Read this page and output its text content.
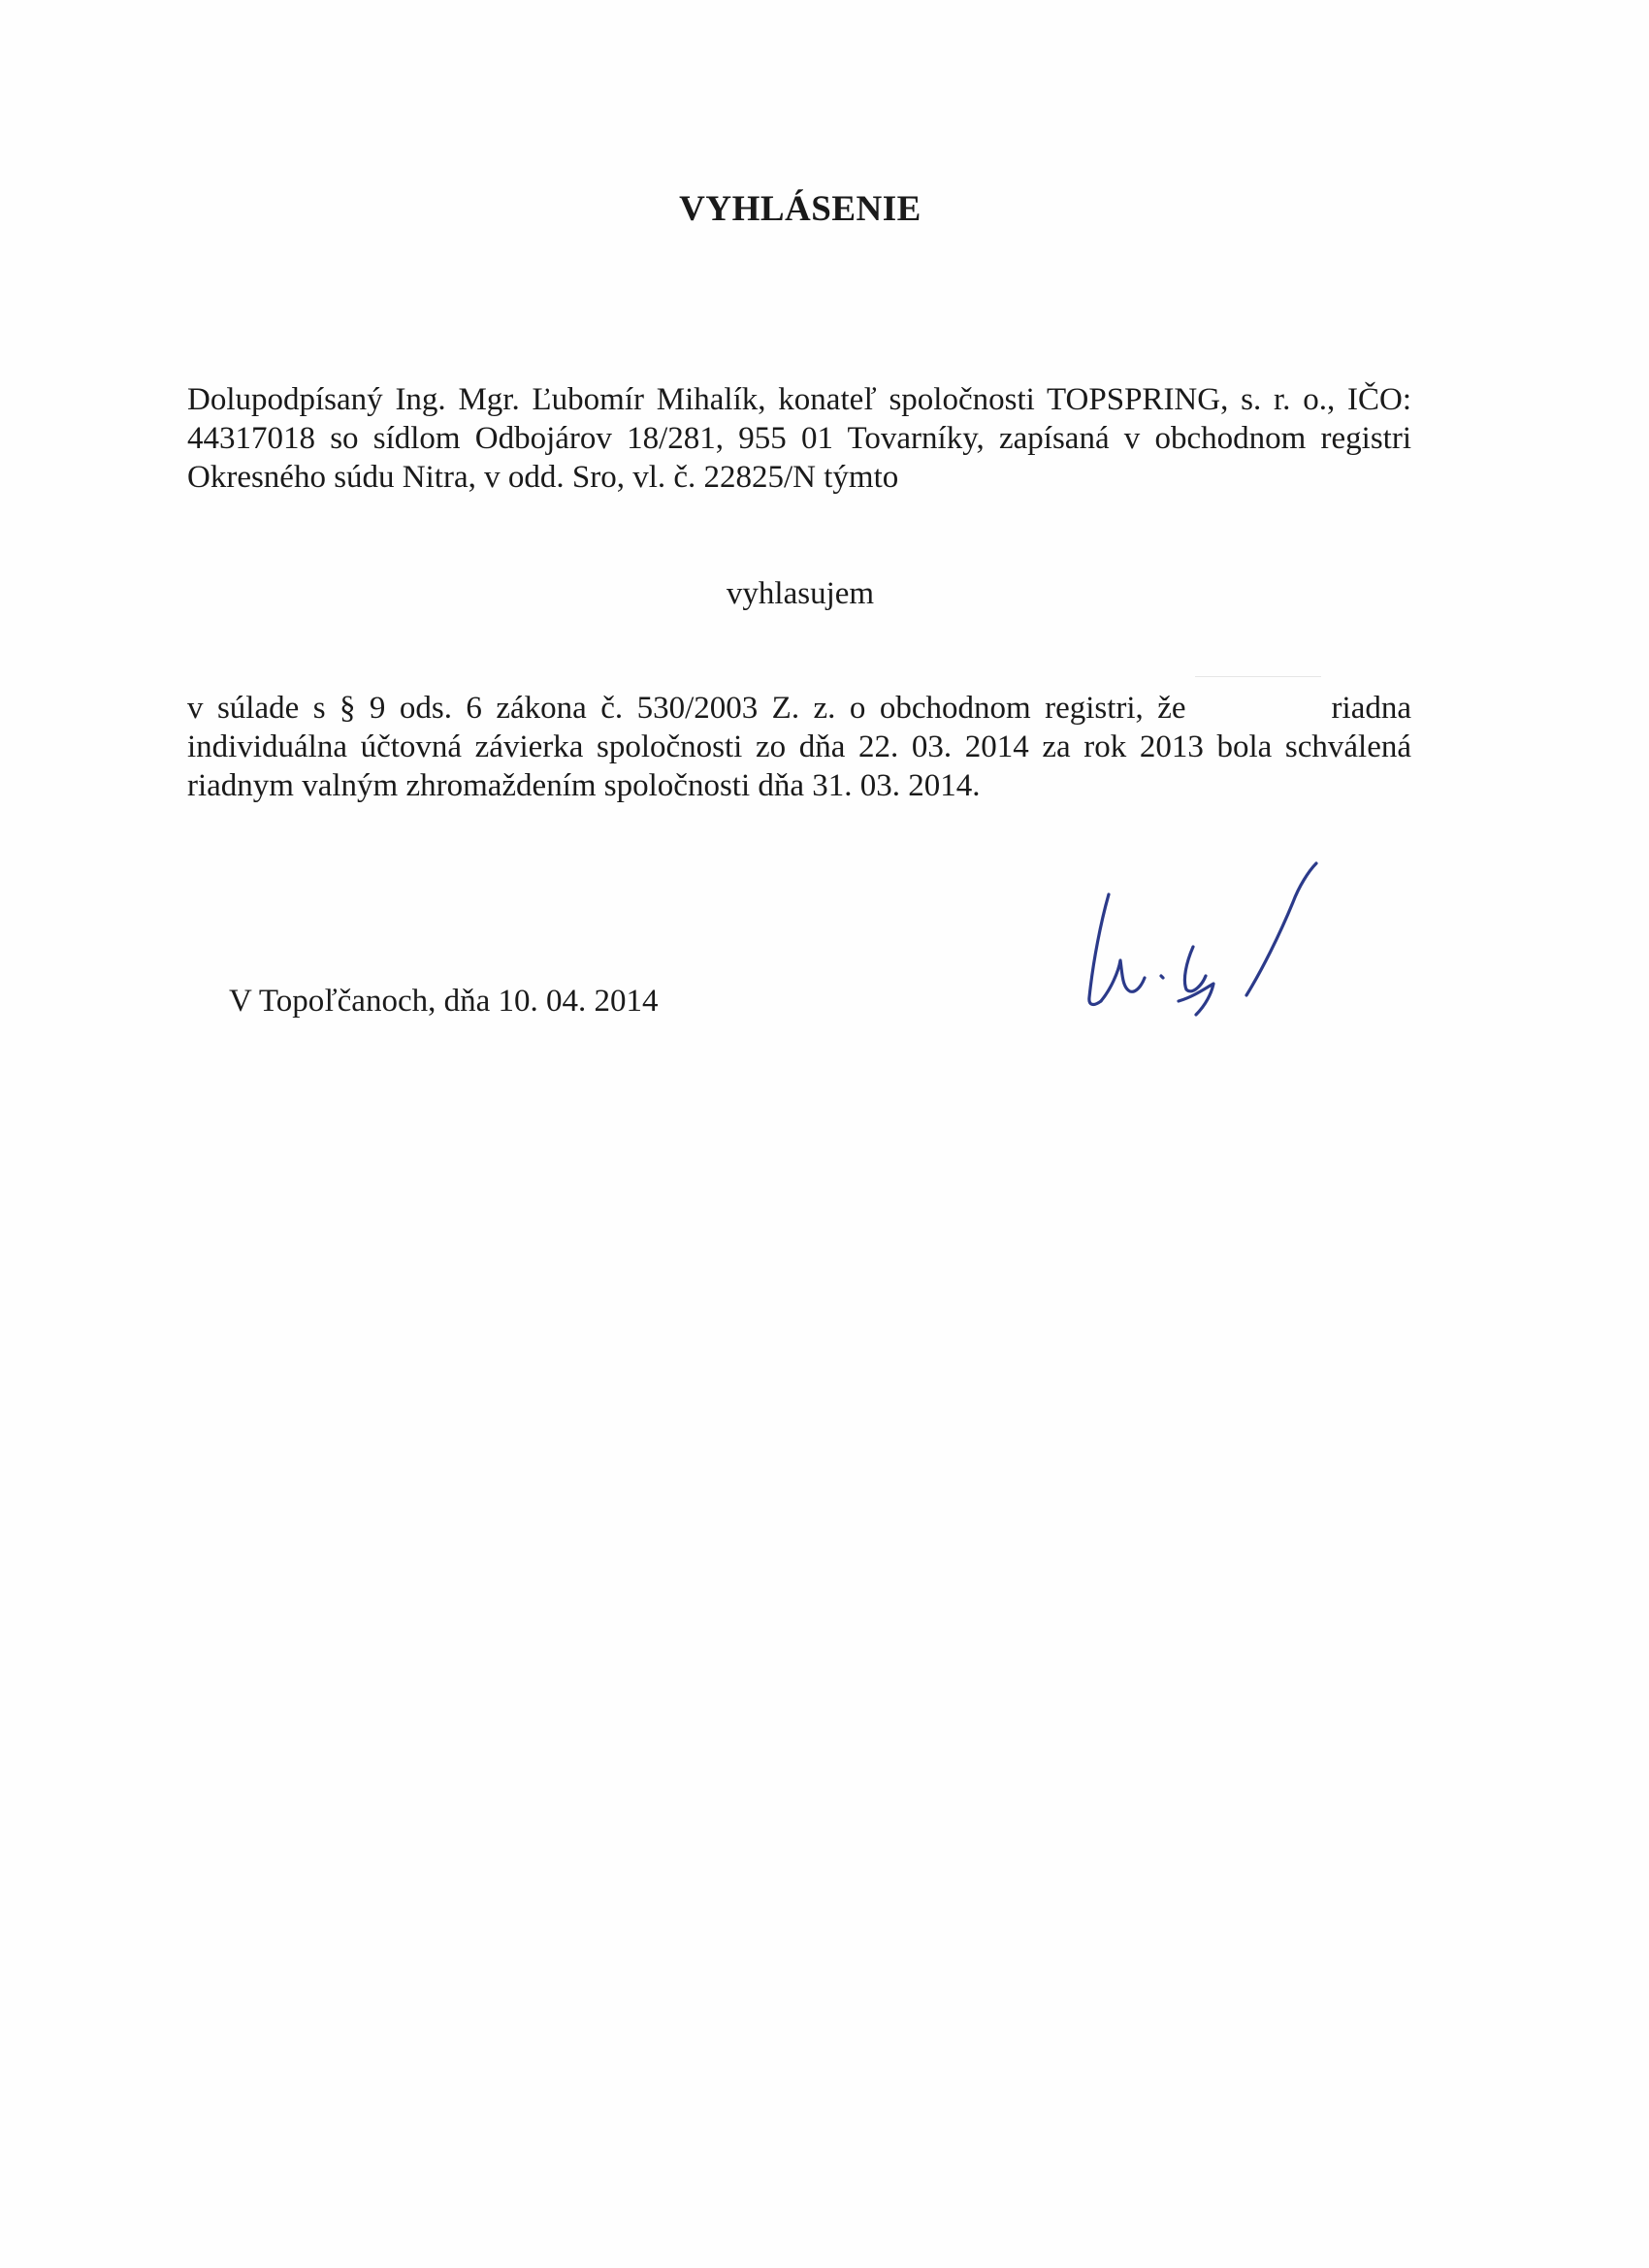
VYHLÁSENIE

Dolupodpísaný Ing. Mgr. Ľubomír Mihalík, konateľ spoločnosti TOPSPRING, s. r. o., IČO:
44317018 so sídlom Odbojárov 18/281, 955 01 Tovarníky, zapísaná v obchodnom registri
Okresného súdu Nitra, v odd. Sro, vl. č. 22825/N týmto

vyhlasujem

v súlade s § 9 ods. 6 zákona č. 530/2003 Z. z. o obchodnom registri, že	riadna
individuálna účtovná závierka spoločnosti zo dňa 22. 03. 2014 za rok 2013 bola schválená
riadnym valným zhromaždením spoločnosti dňa 31. 03. 2014.

V Topoľčanoch, dňa 10. 04. 2014
